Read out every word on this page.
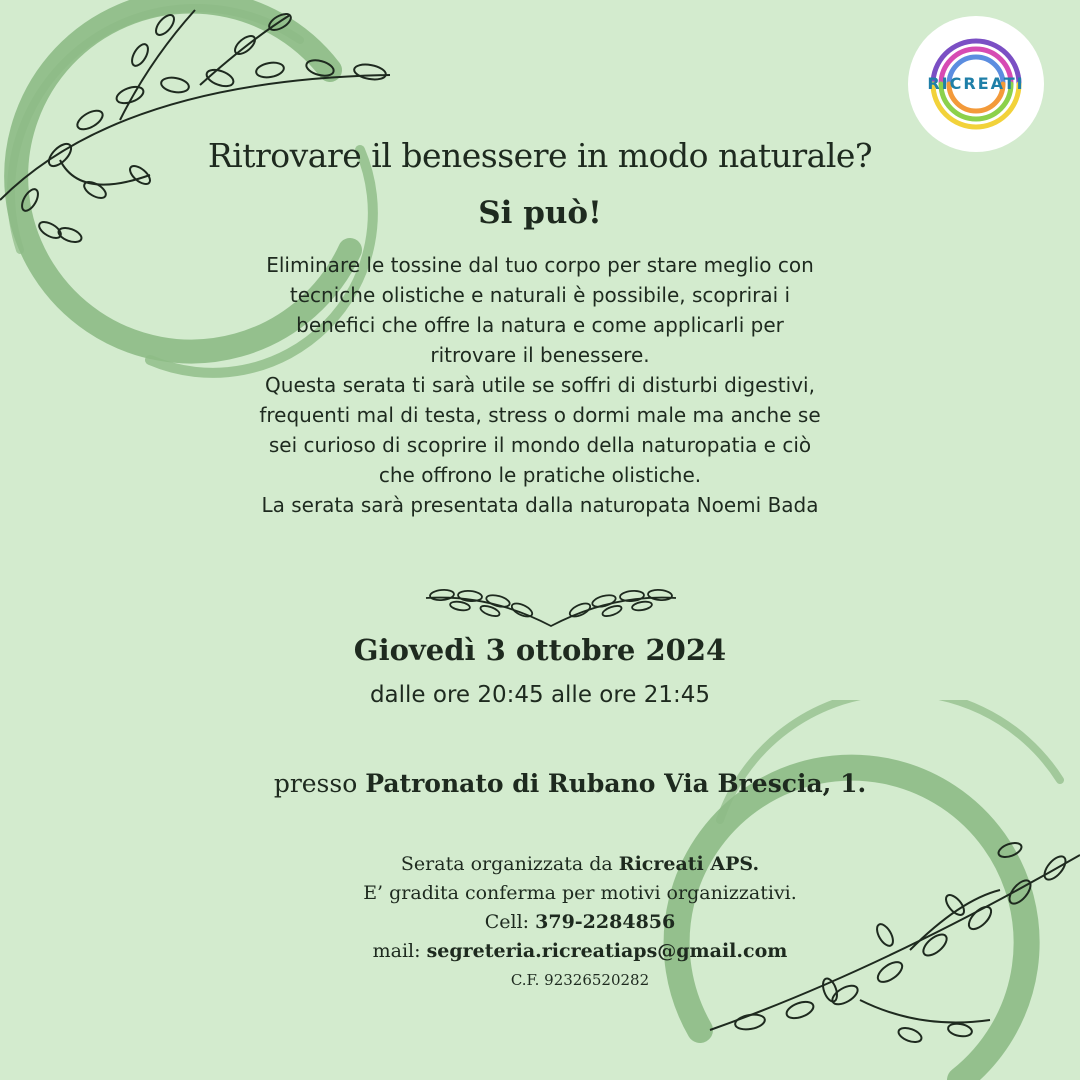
RICREATI
Ritrovare il benessere in modo naturale?
Si può!

Eliminare le tossine dal tuo corpo per stare meglio con

tecniche olistiche e naturali è possibile, scoprirai i

benefici che offre la natura e come applicarli per

ritrovare il benessere.

Questa serata ti sarà utile se soffri di disturbi digestivi,

frequenti mal di testa, stress o dormi male ma anche se

sei curioso di scoprire il mondo della naturopatia e ciò

che offrono le pratiche olistiche.

La serata sarà presentata dalla naturopata Noemi Bada

Giovedì 3 ottobre 2024
dalle ore 20:45 alle ore 21:45
presso Patronato di Rubano Via Brescia, 1.
Serata organizzata da Ricreati APS.
E’ gradita conferma per motivi organizzativi.
Cell: 379-2284856
mail: segreteria.ricreatiaps@gmail.com
C.F. 92326520282
